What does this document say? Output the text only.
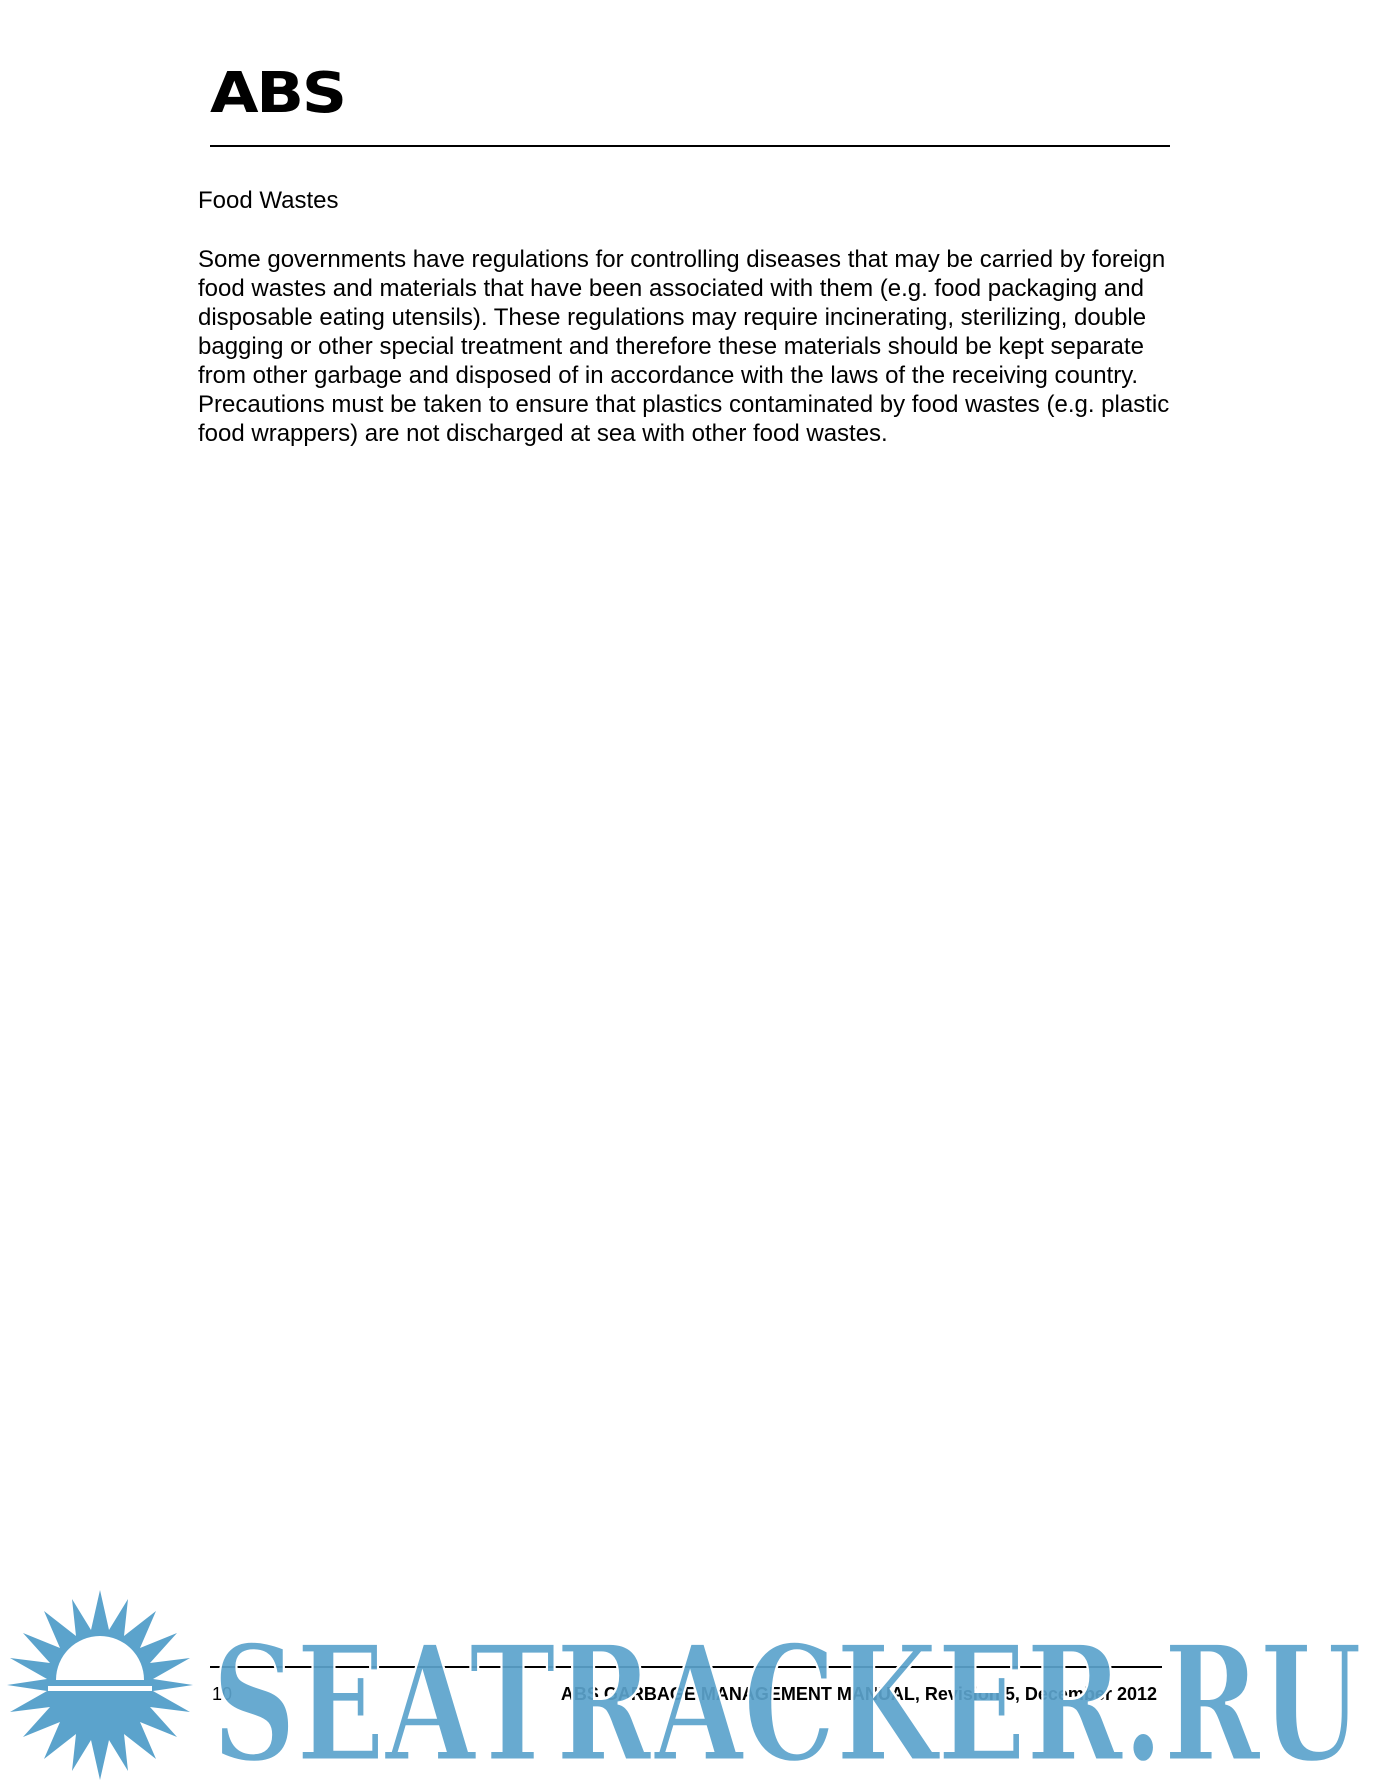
ABS
Food Wastes

Some governments have regulations for controlling diseases that may be carried by foreign food wastes and materials that have been associated with them (e.g. food packaging and disposable eating utensils). These regulations may require incinerating, sterilizing, double bagging or other special treatment and therefore these materials should be kept separate from other garbage and disposed of in accordance with the laws of the receiving country. Precautions must be taken to ensure that plastics contaminated by food wastes (e.g. plastic food wrappers) are not discharged at sea with other food wastes.

10	ABS GARBAGE MANAGEMENT MANUAL, Revision 5, December 2012
SEATRACKER.RU
